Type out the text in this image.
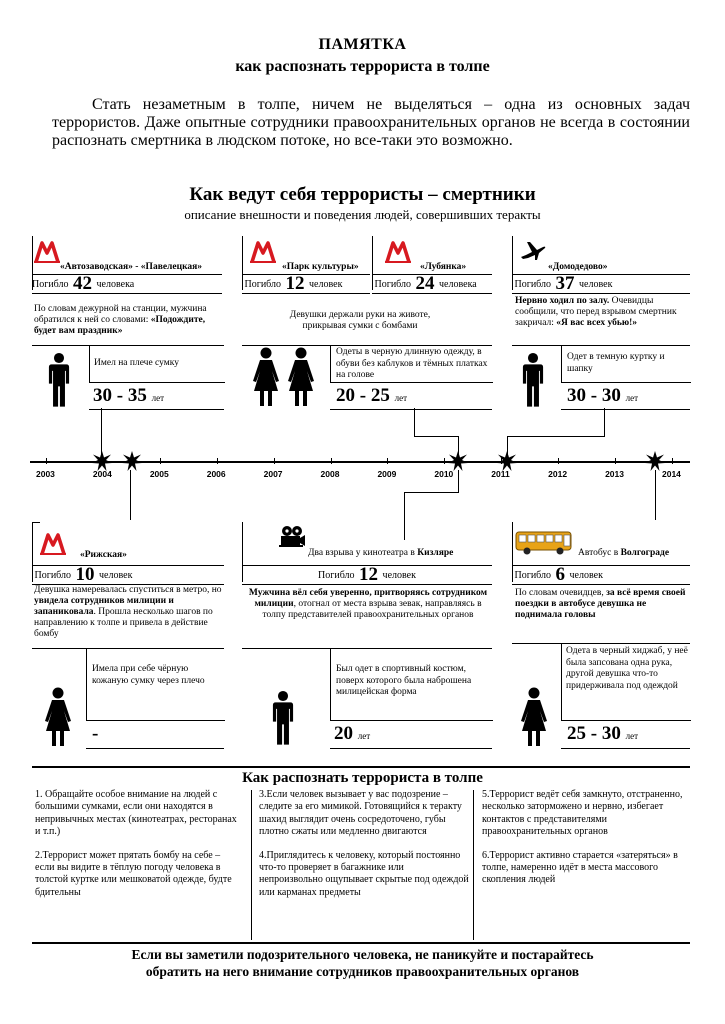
ПАМЯТКА
как распознать террориста в толпе
Стать незаметным в толпе, ничем не выделяться – одна из основных задач террористов. Даже опытные сотрудники правоохранительных органов не всегда в состоянии распознать смертника в людском потоке, но все-таки это возможно.
Как ведут себя террористы – смертники
описание внешности и поведения людей, совершивших теракты
«Автозаводская» - «Павелецкая»
Погибло 42 человека
По словам дежурной на станции, мужчина обратился к ней со словами: «Подождите, будет вам праздник»
Имел на плече сумку
30 - 35 лет
«Парк культуры»
Погибло 12 человек
Девушки держали руки на животе, прикрывая сумки с бомбами
Одеты в черную длинную одежду, в обуви без каблуков и тёмных платках на голове
20 - 25 лет
«Лубянка»
Погибло 24 человека
«Домодедово»
Погибло 37 человек
Нервно ходил по залу. Очевидцы сообщили, что перед взрывом смертник закричал: «Я вас всех убью!»
Одет в темную куртку и шапку
30 - 30 лет
2003	2004	2005	2006	2007	2008	2009	2010	2011	2012	2013	2014
«Рижская»
Погибло 10 человек
Девушка намеревалась спуститься в метро, но увидела сотрудников милиции и запаниковала. Прошла несколько шагов по направлению к толпе и привела в действие бомбу
Имела при себе чёрную кожаную сумку через плечо
-
Два взрыва у кинотеатра в Кизляре
Погибло 12 человек
Мужчина вёл себя уверенно, притворяясь сотрудником милиции, отогнал от места взрыва зевак, направляясь в толпу представителей правоохранительных органов
Был одет в спортивный костюм, поверх которого была наброшена милицейская форма
20 лет
Автобус в Волгограде
Погибло 6 человек
По словам очевидцев, за всё время своей поездки в автобусе девушка не поднимала головы
Одета в черный хиджаб, у неё была запсована одна рука, другой девушка что-то придерживала под одеждой
25 - 30 лет
Как распознать террориста в толпе

1. Обращайте особое внимание на людей с большими сумками, если они находятся в непривычных местах (кинотеатрах, ресторанах и т.п.)

2.Террорист может прятать бомбу на себе – если вы видите в тёплую погоду человека в толстой куртке или мешковатой одежде, будте бдительны

3.Если человек вызывает у вас подозрение – следите за его мимикой. Готовящийся к теракту шахид выглядит очень сосредоточено, губы плотно сжаты или медленно двигаются

4.Приглядитесь к человеку, который постоянно что-то проверяет в багажнике или непроизвольно ощупывает скрытые под одеждой или карманах предметы

5.Террорист ведёт себя замкнуто, отстраненно, несколько заторможено и нервно, избегает контактов с представителями правоохранительных органов

6.Террорист активно старается «затеряться» в толпе, намеренно идёт в места массового скопления людей

Если вы заметили подозрительного человека, не паникуйте и постарайтесь обратить на него внимание сотрудников правоохранительных органов
